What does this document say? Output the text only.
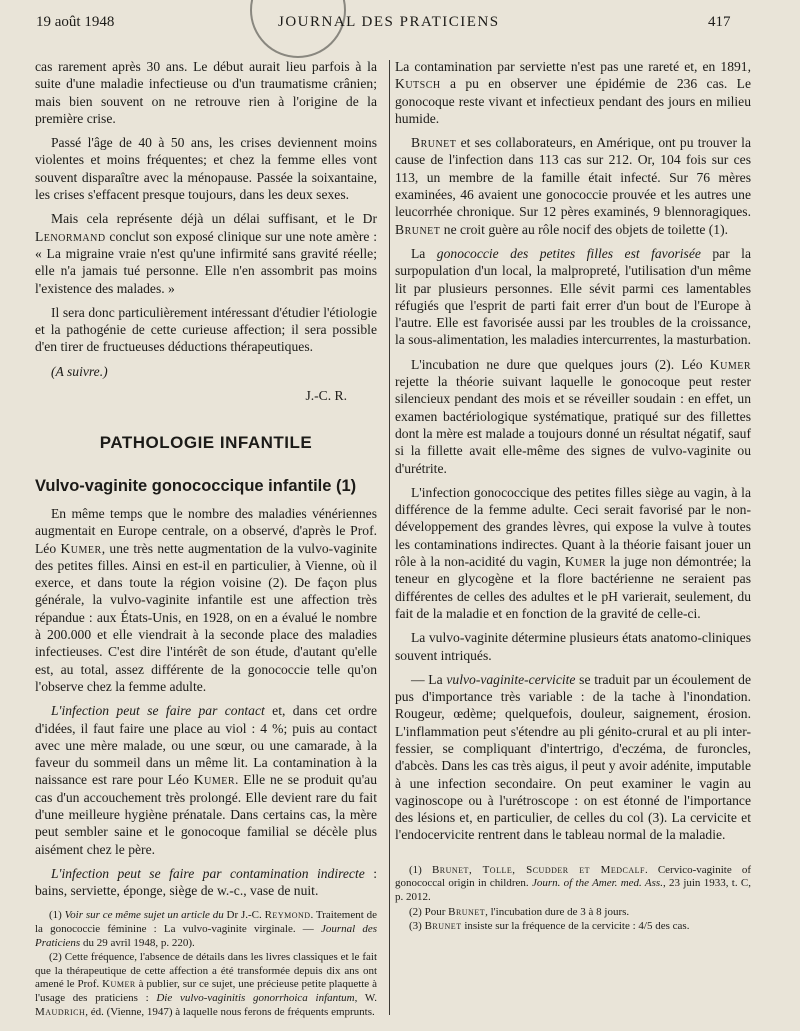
19 août 1948	JOURNAL DES PRATICIENS	417

cas rarement après 30 ans. Le début aurait lieu parfois à la suite d'une maladie infectieuse ou d'un traumatisme crânien; mais bien souvent on ne retrouve rien à l'origine de la première crise.

Passé l'âge de 40 à 50 ans, les crises deviennent moins violentes et moins fréquentes; et chez la femme elles vont souvent disparaître avec la ménopause. Passée la soixantaine, les crises s'effacent presque toujours, dans les deux sexes.

Mais cela représente déjà un délai suffisant, et le Dr Lenormand conclut son exposé clinique sur une note amère : « La migraine vraie n'est qu'une infirmité sans gravité réelle; elle n'a jamais tué personne. Elle n'en assombrit pas moins l'existence des malades. »

Il sera donc particulièrement intéressant d'étudier l'étiologie et la pathogénie de cette curieuse affection; il sera possible d'en tirer de fructueuses déductions thérapeutiques.

(A suivre.)

J.-C. R.
PATHOLOGIE INFANTILE
Vulvo-vaginite gonococcique infantile (1)

En même temps que le nombre des maladies vénériennes augmentait en Europe centrale, on a observé, d'après le Prof. Léo Kumer, une très nette augmentation de la vulvo-vaginite des petites filles. Ainsi en est-il en particulier, à Vienne, où il exerce, et dans toute la région voisine (2). De façon plus générale, la vulvo-vaginite infantile est une affection très répandue : aux États-Unis, en 1928, on en a évalué le nombre à 200.000 et elle viendrait à la seconde place des maladies infectieuses. C'est dire l'intérêt de son étude, d'autant qu'elle est, au total, assez différente de la gonococcie telle qu'on l'observe chez la femme adulte.

L'infection peut se faire par contact et, dans cet ordre d'idées, il faut faire une place au viol : 4 %; puis au contact avec une mère malade, ou une sœur, ou une camarade, à la faveur du sommeil dans un même lit. La contamination à la naissance est rare pour Léo Kumer. Elle ne se produit qu'au cas d'un accouchement très prolongé. Elle devient rare du fait d'une meilleure hygiène prénatale. Dans certains cas, la mère peut sembler saine et le gonocoque familial se décèle plus aisément chez le père.

L'infection peut se faire par contamination indirecte : bains, serviette, éponge, siège de w.-c., vase de nuit.

(1) Voir sur ce même sujet un article du Dr J.-C. Reymond. Traitement de la gonococcie féminine : La vulvo-vaginite virginale. — Journal des Praticiens du 29 avril 1948, p. 220).

(2) Cette fréquence, l'absence de détails dans les livres classiques et le fait que la thérapeutique de cette affection a été transformée depuis dix ans ont amené le Prof. Kumer à publier, sur ce sujet, une précieuse petite plaquette à l'usage des praticiens : Die vulvo-vaginitis gonorrhoica infantum, W. Maudrich, éd. (Vienne, 1947) à laquelle nous ferons de fréquents emprunts.

La contamination par serviette n'est pas une rareté et, en 1891, Kutsch a pu en observer une épidémie de 236 cas. Le gonocoque reste vivant et infectieux pendant des jours en milieu humide.

Brunet et ses collaborateurs, en Amérique, ont pu trouver la cause de l'infection dans 113 cas sur 212. Or, 104 fois sur ces 113, un membre de la famille était infecté. Sur 76 mères examinées, 46 avaient une gonococcie prouvée et les autres une leucorrhée chronique. Sur 12 pères examinés, 9 blennoragiques. Brunet ne croit guère au rôle nocif des objets de toilette (1).

La gonococcie des petites filles est favorisée par la surpopulation d'un local, la malpropreté, l'utilisation d'un même lit par plusieurs personnes. Elle sévit parmi ces lamentables réfugiés que l'esprit de parti fait errer d'un bout de l'Europe à l'autre. Elle est favorisée aussi par les troubles de la croissance, la sous-alimentation, les maladies intercurrentes, la masturbation.

L'incubation ne dure que quelques jours (2). Léo Kumer rejette la théorie suivant laquelle le gonocoque peut rester silencieux pendant des mois et se réveiller soudain : en effet, un examen bactériologique systématique, pratiqué sur des fillettes dont la mère est malade a toujours donné un résultat négatif, sauf si la fillette avait elle-même des signes de vulvo-vaginite ou d'urétrite.

L'infection gonococcique des petites filles siège au vagin, à la différence de la femme adulte. Ceci serait favorisé par le non-développement des grandes lèvres, qui expose la vulve à toutes les contaminations indirectes. Quant à la théorie faisant jouer un rôle à la non-acidité du vagin, Kumer la juge non démontrée; la teneur en glycogène et la flore bactérienne ne seraient pas différentes de celles des adultes et le pH varierait, seulement, du fait de la maladie et en fonction de la gravité de celle-ci.

La vulvo-vaginite détermine plusieurs états anatomo-cliniques souvent intriqués.

— La vulvo-vaginite-cervicite se traduit par un écoulement de pus d'importance très variable : de la tache à l'inondation. Rougeur, œdème; quelquefois, douleur, saignement, érosion. L'inflammation peut s'étendre au pli génito-crural et au pli inter-fessier, se compliquant d'intertrigo, d'eczéma, de furoncles, d'abcès. Dans les cas très aigus, il peut y avoir adénite, imputable à une infection secondaire. On peut examiner le vagin au vaginoscope ou à l'urétroscope : on est étonné de l'importance des lésions et, en particulier, de celles du col (3). La cervicite et l'endocervicite rentrent dans le tableau normal de la maladie.

(1) Brunet, Tolle, Scudder et Medcalf. Cervico-vaginite of gonococcal origin in children. Journ. of the Amer. med. Ass., 23 juin 1933, t. C, p. 2012.

(2) Pour Brunet, l'incubation dure de 3 à 8 jours.

(3) Brunet insiste sur la fréquence de la cervicite : 4/5 des cas.
